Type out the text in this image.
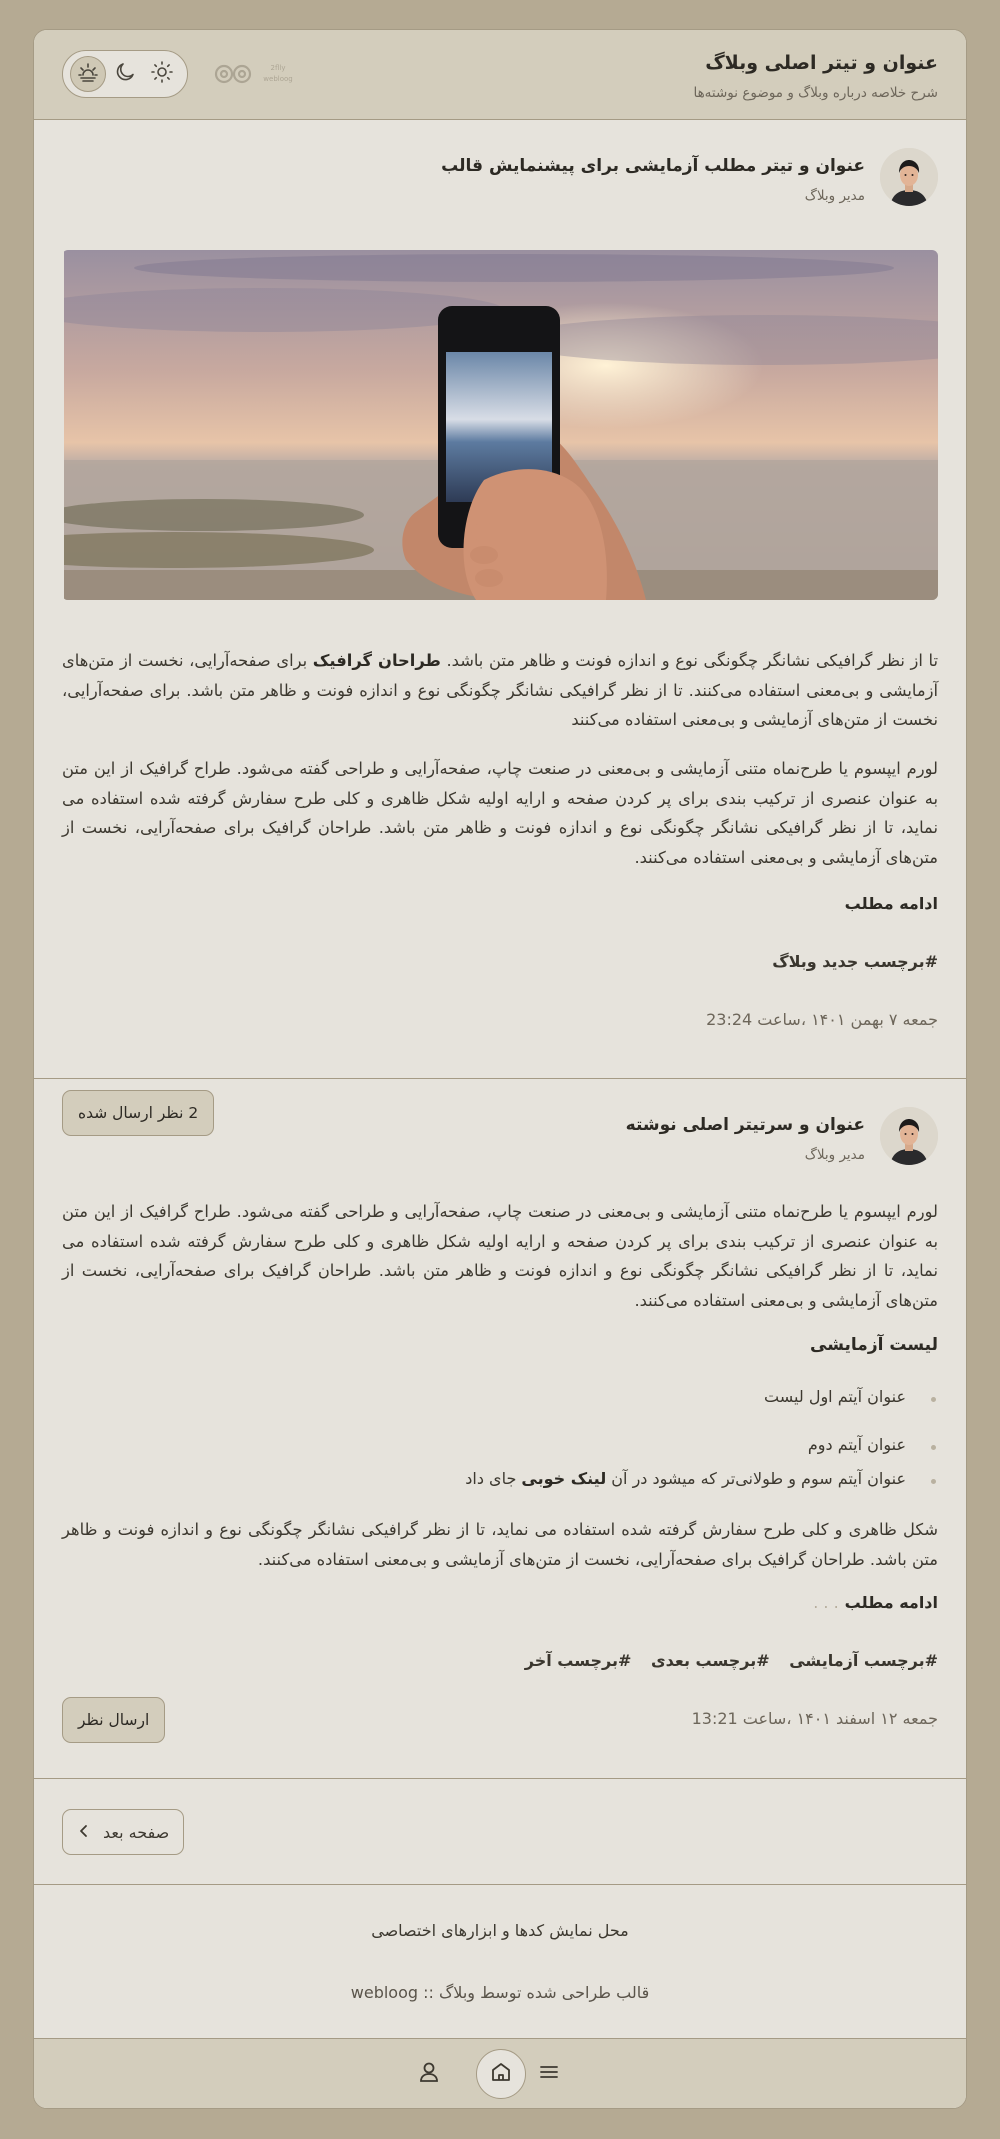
عنوان و تیتر اصلی وبلاگ
شرح خلاصه درباره وبلاگ و موضوع نوشته‌ها
2flly
webloog
عنوان و تیتر مطلب آزمایشی برای پیشنمایش قالب
مدیر وبلاگ

تا از نظر گرافیکی نشانگر چگونگی نوع و اندازه فونت و ظاهر متن باشد. طراحان گرافیک برای صفحه‌آرایی، نخست از متن‌های آزمایشی و بی‌معنی استفاده می‌کنند. تا از نظر گرافیکی نشانگر چگونگی نوع و اندازه فونت و ظاهر متن باشد. برای صفحه‌آرایی، نخست از متن‌های آزمایشی و بی‌معنی استفاده می‌کنند

لورم ایپسوم یا طرح‌نماه متنی آزمایشی و بی‌معنی در صنعت چاپ، صفحه‌آرایی و طراحی گفته می‌شود. طراح گرافیک از این متن به عنوان عنصری از ترکیب بندی برای پر کردن صفحه و ارایه اولیه شکل ظاهری و کلی طرح سفارش گرفته شده استفاده می نماید، تا از نظر گرافیکی نشانگر چگونگی نوع و اندازه فونت و ظاهر متن باشد. طراحان گرافیک برای صفحه‌آرایی، نخست از متن‌های آزمایشی و بی‌معنی استفاده می‌کنند.

ادامه مطلب
#برچسب جدید وبلاگ
جمعه ۷ بهمن ۱۴۰۱ ،ساعت 23:24
2 نظر ارسال شده
عنوان و سرتیتر اصلی نوشته
مدیر وبلاگ

لورم ایپسوم یا طرح‌نماه متنی آزمایشی و بی‌معنی در صنعت چاپ، صفحه‌آرایی و طراحی گفته می‌شود. طراح گرافیک از این متن به عنوان عنصری از ترکیب بندی برای پر کردن صفحه و ارایه اولیه شکل ظاهری و کلی طرح سفارش گرفته شده استفاده می نماید، تا از نظر گرافیکی نشانگر چگونگی نوع و اندازه فونت و ظاهر متن باشد. طراحان گرافیک برای صفحه‌آرایی، نخست از متن‌های آزمایشی و بی‌معنی استفاده می‌کنند.

لیست آزمایشی
عنوان آیتم اول لیست
عنوان آیتم دوم
عنوان آیتم سوم و طولانی‌تر که میشود در آن لینک خوبی جای داد

شکل ظاهری و کلی طرح سفارش گرفته شده استفاده می نماید، تا از نظر گرافیکی نشانگر چگونگی نوع و اندازه فونت و ظاهر متن باشد. طراحان گرافیک برای صفحه‌آرایی، نخست از متن‌های آزمایشی و بی‌معنی استفاده می‌کنند.

ادامه مطلب. . .
#برچسب آزمایشی #برچسب بعدی #برچسب آخر
جمعه ۱۲ اسفند ۱۴۰۱ ،ساعت 13:21
ارسال نظر
صفحه بعد
محل نمایش کدها و ابزارهای اختصاصی
قالب طراحی شده توسط وبلاگ :: webloog
